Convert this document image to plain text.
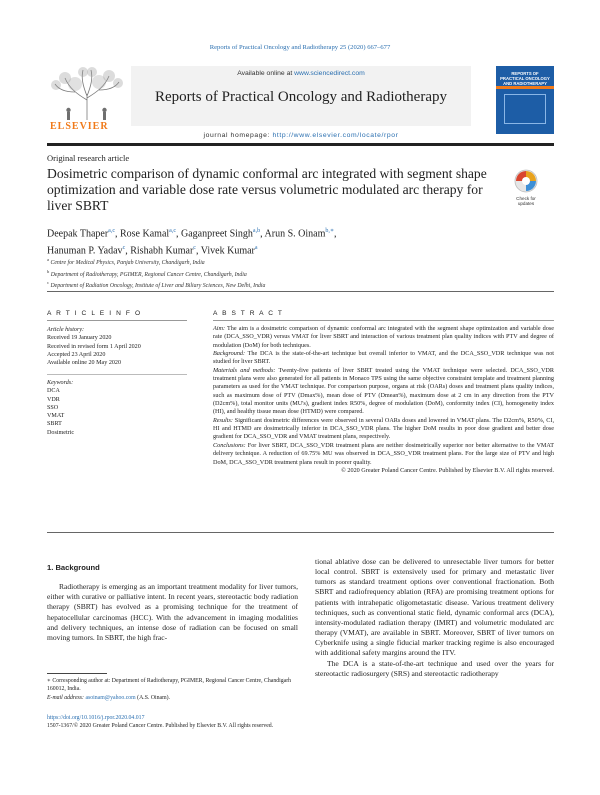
Reports of Practical Oncology and Radiotherapy 25 (2020) 667–677
ELSEVIER
Available online at www.sciencedirect.com
Reports of Practical Oncology and Radiotherapy
REPORTS OF PRACTICAL ONCOLOGY AND RADIOTHERAPY
journal homepage: http://www.elsevier.com/locate/rpor
Original research article
Dosimetric comparison of dynamic conformal arc integrated with segment shape optimization and variable dose rate versus volumetric modulated arc therapy for liver SBRT	Check for updates
Deepak Thaper$^{a,c}$, Rose Kamal$^{a,c}$, Gaganpreet Singh$^{a,b}$, Arun S. Oinam$^{b,∗}$,
Hanuman P. Yadav$^c$, Rishabh Kumar$^c$, Vivek Kumar$^a$
$^a$ Centre for Medical Physics, Panjab University, Chandigarh, India
$^b$ Department of Radiotherapy, PGIMER, Regional Cancer Centre, Chandigarh, India
$^c$ Department of Radiation Oncology, Institute of Liver and Biliary Sciences, New Delhi, India
A R T I C L E I N F O	A B S T R A C T
Article history:
Received 19 January 2020
Received in revised form 1 April 2020
Accepted 23 April 2020
Available online 20 May 2020
Keywords:
DCA
VDR
SSO
VMAT
SBRT
Dosimetric

Aim: The aim is a dosimetric comparison of dynamic conformal arc integrated with the segment shape optimization and variable dose rate (DCA_SSO_VDR) versus VMAT for liver SBRT and interaction of various treatment plan quality indices with PTV and degree of modulation (DoM) for both techniques.

Background: The DCA is the state-of-the-art technique but overall inferior to VMAT, and the DCA_SSO_VDR technique was not studied for liver SBRT.

Materials and methods: Twenty-five patients of liver SBRT treated using the VMAT technique were selected. DCA_SSO_VDR treatment plans were also generated for all patients in Monaco TPS using the same objective constraint template and treatment planning parameters as used for the VMAT technique. For comparison purpose, organs at risk (OARs) doses and treatment plans quality indices, such as maximum dose of PTV (Dmax%), mean dose of PTV (Dmean%), maximum dose at 2 cm in any direction from the PTV (D2cm%), total monitor units (MU's), gradient index R50%, degree of modulation (DoM), conformity index (CI), homogeneity index (HI), and healthy tissue mean dose (HTMD) were compared.

Results: Significant dosimetric differences were observed in several OARs doses and lowered in VMAT plans. The D2cm%, R50%, CI, HI and HTMD are dosimetrically inferior in DCA_SSO_VDR plans. The higher DoM results in poor dose gradient and better dose gradient for DCA_SSO_VDR and VMAT treatment plans, respectively.

Conclusions: For liver SBRT, DCA_SSO_VDR treatment plans are neither dosimetrically superior nor better alternative to the VMAT delivery technique. A reduction of 69.75% MU was observed in DCA_SSO_VDR treatment plans. For the large size of PTV and high DoM, DCA_SSO_VDR treatment plans result in poorer quality.

© 2020 Greater Poland Cancer Centre. Published by Elsevier B.V. All rights reserved.

1. Background
Radiotherapy is emerging as an important treatment modality for liver tumors, either with curative or palliative intent. In recent years, stereotactic body radiation therapy (SBRT) has evolved as a promising technique for the treatment of hepatocellular carcinomas (HCC). With the advancement in imaging modalities and delivery techniques, an intense dose of radiation can be focused on small moving tumors. In SBRT, the high frac-
tional ablative dose can be delivered to unresectable liver tumors for better local control. SBRT is extensively used for primary and metastatic liver tumors as standard treatment options over conventional fractionation. Both SBRT and radiofrequency ablation (RFA) are promising treatment options for patients with intrahepatic oligometastatic disease. Various treatment delivery techniques, such as conventional static field, dynamic conformal arcs (DCA), intensity-modulated radiation therapy (IMRT) and volumetric modulated arc therapy (VMAT), are available in SBRT. Moreover, SBRT of liver tumors on Cyberknife using a single fiducial marker tracking regime is also encouraged with additional safety margins around the ITV.
The DCA is a state-of-the-art technique and used over the years for stereotactic radiosurgery (SRS) and stereotactic radiotherapy
∗ Corresponding author at: Department of Radiotherapy, PGIMER, Regional Cancer Centre, Chandigarh 160012, India.
E-mail address: asoinam@yahoo.com (A.S. Oinam).
https://doi.org/10.1016/j.rpor.2020.04.017
1507-1367/© 2020 Greater Poland Cancer Centre. Published by Elsevier B.V. All rights reserved.
